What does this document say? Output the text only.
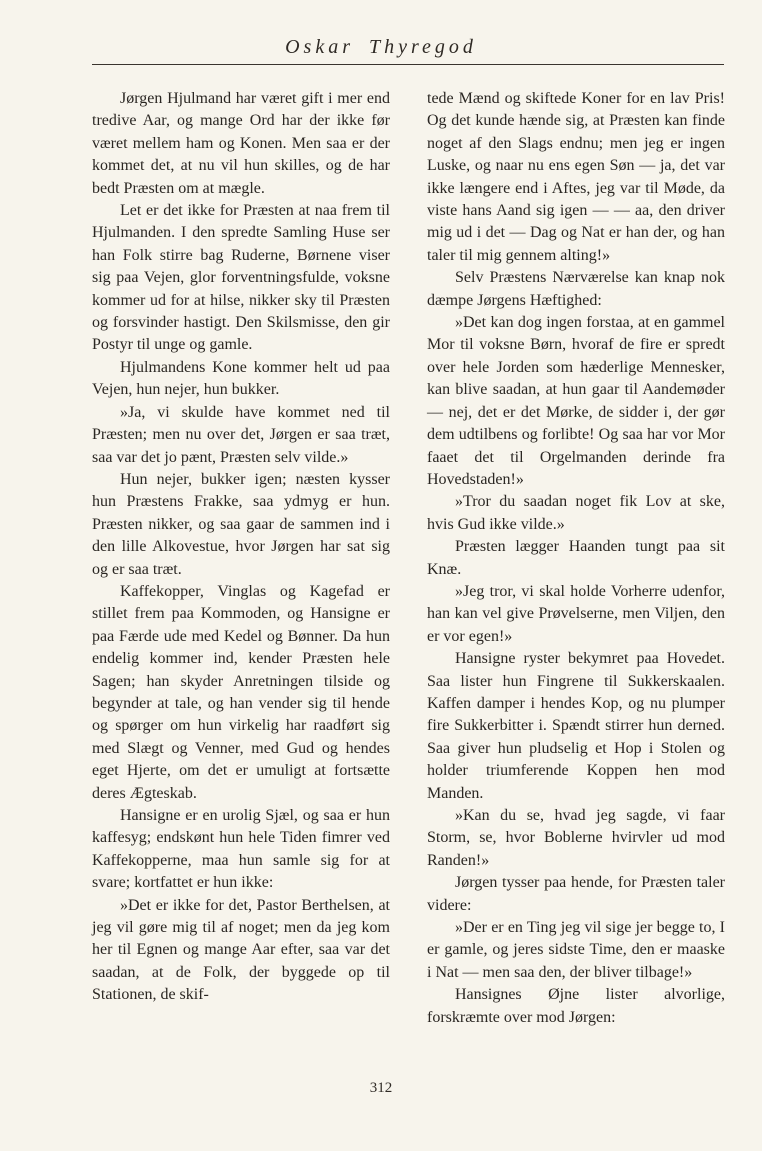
Oskar Thyregod

Jørgen Hjulmand har været gift i mer end tredive Aar, og mange Ord har der ikke før været mellem ham og Konen. Men saa er der kommet det, at nu vil hun skilles, og de har bedt Præsten om at mægle.

Let er det ikke for Præsten at naa frem til Hjulmanden. I den spredte Samling Huse ser han Folk stirre bag Ruderne, Børnene viser sig paa Vejen, glor forventningsfulde, voksne kommer ud for at hilse, nikker sky til Præsten og forsvinder hastigt. Den Skilsmisse, den gir Postyr til unge og gamle.

Hjulmandens Kone kommer helt ud paa Vejen, hun nejer, hun bukker.

»Ja, vi skulde have kommet ned til Præsten; men nu over det, Jørgen er saa træt, saa var det jo pænt, Præsten selv vilde.»

Hun nejer, bukker igen; næsten kysser hun Præstens Frakke, saa ydmyg er hun. Præsten nikker, og saa gaar de sammen ind i den lille Alkovestue, hvor Jørgen har sat sig og er saa træt.

Kaffekopper, Vinglas og Kagefad er stillet frem paa Kommoden, og Hansigne er paa Færde ude med Kedel og Bønner. Da hun endelig kommer ind, kender Præsten hele Sagen; han skyder Anretningen tilside og begynder at tale, og han vender sig til hende og spørger om hun virkelig har raadført sig med Slægt og Venner, med Gud og hendes eget Hjerte, om det er umuligt at fortsætte deres Ægteskab.

Hansigne er en urolig Sjæl, og saa er hun kaffesyg; endskønt hun hele Tiden fimrer ved Kaffekopperne, maa hun samle sig for at svare; kortfattet er hun ikke:

»Det er ikke for det, Pastor Berthelsen, at jeg vil gøre mig til af noget; men da jeg kom her til Egnen og mange Aar efter, saa var det saadan, at de Folk, der byggede op til Stationen, de skif-

tede Mænd og skiftede Koner for en lav Pris! Og det kunde hænde sig, at Præsten kan finde noget af den Slags endnu; men jeg er ingen Luske, og naar nu ens egen Søn — ja, det var ikke længere end i Aftes, jeg var til Møde, da viste hans Aand sig igen — — aa, den driver mig ud i det — Dag og Nat er han der, og han taler til mig gennem alting!»

Selv Præstens Nærværelse kan knap nok dæmpe Jørgens Hæftighed:

»Det kan dog ingen forstaa, at en gammel Mor til voksne Børn, hvoraf de fire er spredt over hele Jorden som hæderlige Mennesker, kan blive saadan, at hun gaar til Aandemøder — nej, det er det Mørke, de sidder i, der gør dem udtilbens og forlibte! Og saa har vor Mor faaet det til Orgelmanden derinde fra Hovedstaden!»

»Tror du saadan noget fik Lov at ske, hvis Gud ikke vilde.»

Præsten lægger Haanden tungt paa sit Knæ.

»Jeg tror, vi skal holde Vorherre udenfor, han kan vel give Prøvelserne, men Viljen, den er vor egen!»

Hansigne ryster bekymret paa Hovedet. Saa lister hun Fingrene til Sukkerskaalen. Kaffen damper i hendes Kop, og nu plumper fire Sukkerbitter i. Spændt stirrer hun derned. Saa giver hun pludselig et Hop i Stolen og holder triumferende Koppen hen mod Manden.

»Kan du se, hvad jeg sagde, vi faar Storm, se, hvor Boblerne hvirvler ud mod Randen!»

Jørgen tysser paa hende, for Præsten taler videre:

»Der er en Ting jeg vil sige jer begge to, I er gamle, og jeres sidste Time, den er maaske i Nat — men saa den, der bliver tilbage!»

Hansignes Øjne lister alvorlige, forskræmte over mod Jørgen:

312
